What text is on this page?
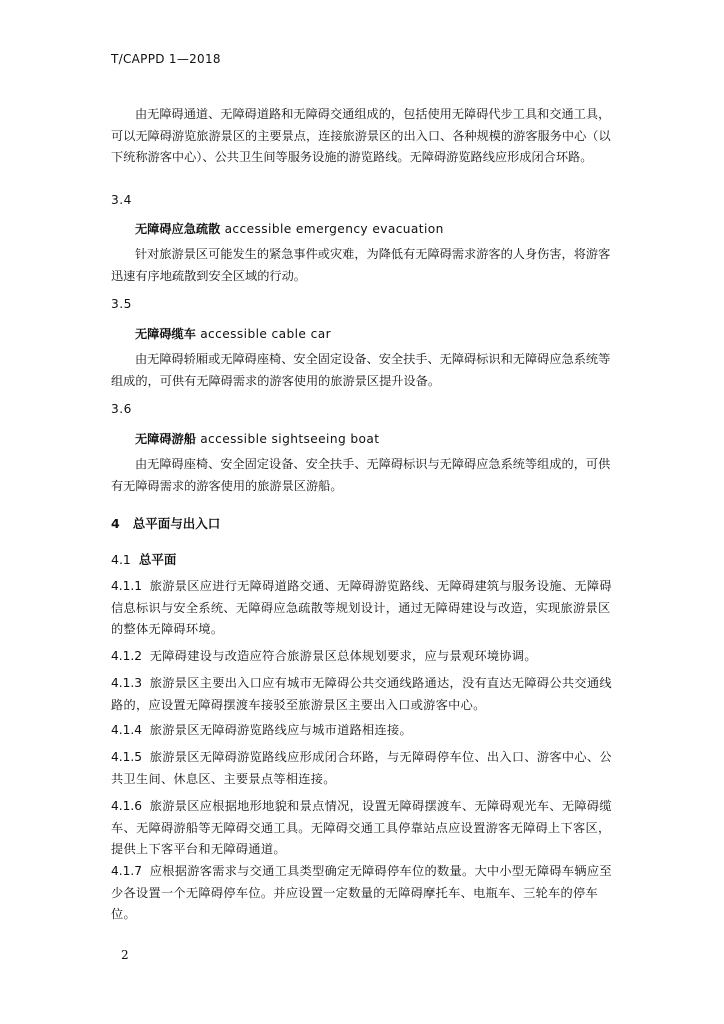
T/CAPPD 1—2018

由无障碍通道、无障碍道路和无障碍交通组成的，包括使用无障碍代步工具和交通工具，可以无障碍游览旅游景区的主要景点，连接旅游景区的出入口、各种规模的游客服务中心（以下统称游客中心）、公共卫生间等服务设施的游览路线。无障碍游览路线应形成闭合环路。

3.4
无障碍应急疏散 accessible emergency evacuation

针对旅游景区可能发生的紧急事件或灾难，为降低有无障碍需求游客的人身伤害，将游客迅速有序地疏散到安全区域的行动。

3.5
无障碍缆车 accessible cable car

由无障碍轿厢或无障碍座椅、安全固定设备、安全扶手、无障碍标识和无障碍应急系统等组成的，可供有无障碍需求的游客使用的旅游景区提升设备。

3.6
无障碍游船 accessible sightseeing boat

由无障碍座椅、安全固定设备、安全扶手、无障碍标识与无障碍应急系统等组成的，可供有无障碍需求的游客使用的旅游景区游船。

4 总平面与出入口
4.1 总平面

4.1.1 旅游景区应进行无障碍道路交通、无障碍游览路线、无障碍建筑与服务设施、无障碍信息标识与安全系统、无障碍应急疏散等规划设计，通过无障碍建设与改造，实现旅游景区的整体无障碍环境。

4.1.2 无障碍建设与改造应符合旅游景区总体规划要求，应与景观环境协调。

4.1.3 旅游景区主要出入口应有城市无障碍公共交通线路通达，没有直达无障碍公共交通线路的，应设置无障碍摆渡车接驳至旅游景区主要出入口或游客中心。

4.1.4 旅游景区无障碍游览路线应与城市道路相连接。

4.1.5 旅游景区无障碍游览路线应形成闭合环路，与无障碍停车位、出入口、游客中心、公共卫生间、休息区、主要景点等相连接。

4.1.6 旅游景区应根据地形地貌和景点情况，设置无障碍摆渡车、无障碍观光车、无障碍缆车、无障碍游船等无障碍交通工具。无障碍交通工具停靠站点应设置游客无障碍上下客区，提供上下客平台和无障碍通道。

4.1.7 应根据游客需求与交通工具类型确定无障碍停车位的数量。大中小型无障碍车辆应至少各设置一个无障碍停车位。并应设置一定数量的无障碍摩托车、电瓶车、三轮车的停车位。

2
